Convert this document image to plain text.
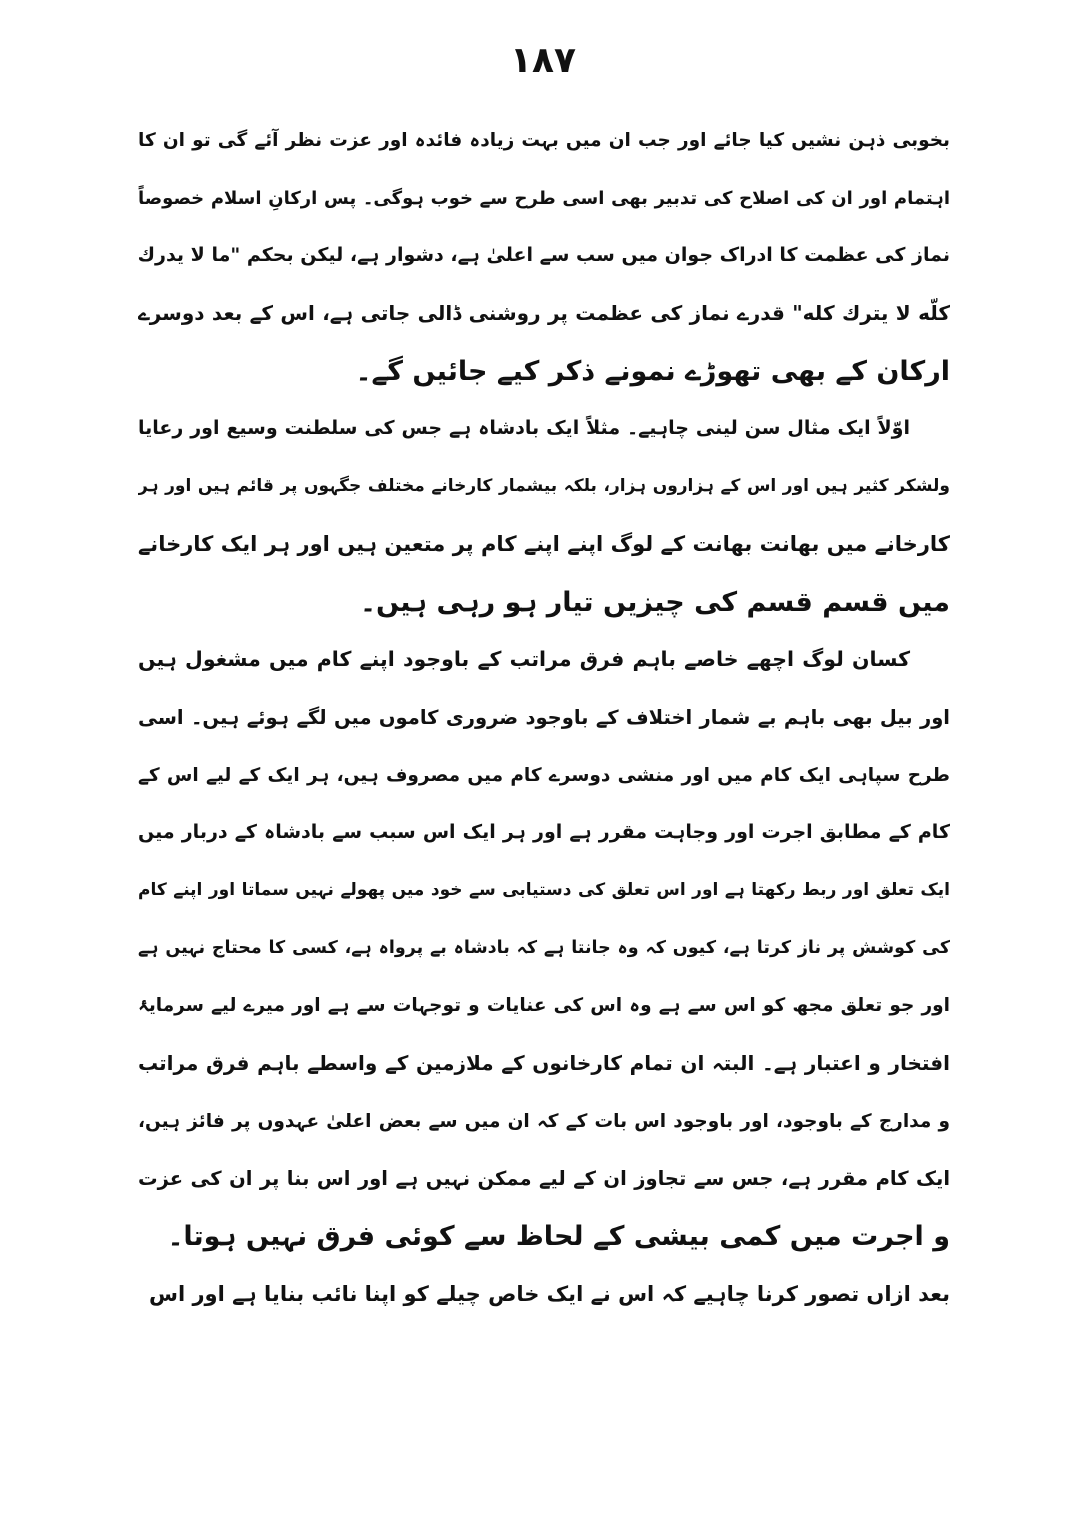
١٨٧
بخوبی ذہن نشیں کیا جائے اور جب ان میں بہت زیادہ فائدہ اور عزت نظر آئے گی تو ان کا
اہتمام اور ان کی اصلاح کی تدبیر بھی اسی طرح سے خوب ہوگی۔ پس ارکانِ اسلام خصوصاً
نماز کی عظمت کا ادراک جوان میں سب سے اعلیٰ ہے، دشوار ہے، لیکن بحکم "ما لا یدرك
کلّه لا یترك کله" قدرے نماز کی عظمت پر روشنی ڈالی جاتی ہے، اس کے بعد دوسرے
ارکان کے بھی تھوڑے نمونے ذکر کیے جائیں گے۔
اوّلاً ایک مثال سن لینی چاہیے۔ مثلاً ایک بادشاہ ہے جس کی سلطنت وسیع اور رعایا
ولشکر کثیر ہیں اور اس کے ہزاروں ہزار، بلکہ بیشمار کارخانے مختلف جگہوں پر قائم ہیں اور ہر
کارخانے میں بھانت بھانت کے لوگ اپنے اپنے کام پر متعین ہیں اور ہر ایک کارخانے
میں قسم قسم کی چیزیں تیار ہو رہی ہیں۔
کسان لوگ اچھے خاصے باہم فرق مراتب کے باوجود اپنے کام میں مشغول ہیں
اور بیل بھی باہم بے شمار اختلاف کے باوجود ضروری کاموں میں لگے ہوئے ہیں۔ اسی
طرح سپاہی ایک کام میں اور منشی دوسرے کام میں مصروف ہیں، ہر ایک کے لیے اس کے
کام کے مطابق اجرت اور وجاہت مقرر ہے اور ہر ایک اس سبب سے بادشاہ کے دربار میں
ایک تعلق اور ربط رکھتا ہے اور اس تعلق کی دستیابی سے خود میں پھولے نہیں سماتا اور اپنے کام
کی کوشش پر ناز کرتا ہے، کیوں کہ وہ جانتا ہے کہ بادشاہ بے پرواہ ہے، کسی کا محتاج نہیں ہے
اور جو تعلق مجھ کو اس سے ہے وہ اس کی عنایات و توجہات سے ہے اور میرے لیے سرمایۂ
افتخار و اعتبار ہے۔ البتہ ان تمام کارخانوں کے ملازمین کے واسطے باہم فرق مراتب
و مدارج کے باوجود، اور باوجود اس بات کے کہ ان میں سے بعض اعلیٰ عہدوں پر فائز ہیں،
ایک کام مقرر ہے، جس سے تجاوز ان کے لیے ممکن نہیں ہے اور اس بنا پر ان کی عزت
و اجرت میں کمی بیشی کے لحاظ سے کوئی فرق نہیں ہوتا۔
بعد ازاں تصور کرنا چاہیے کہ اس نے ایک خاص چیلے کو اپنا نائب بنایا ہے اور اس
